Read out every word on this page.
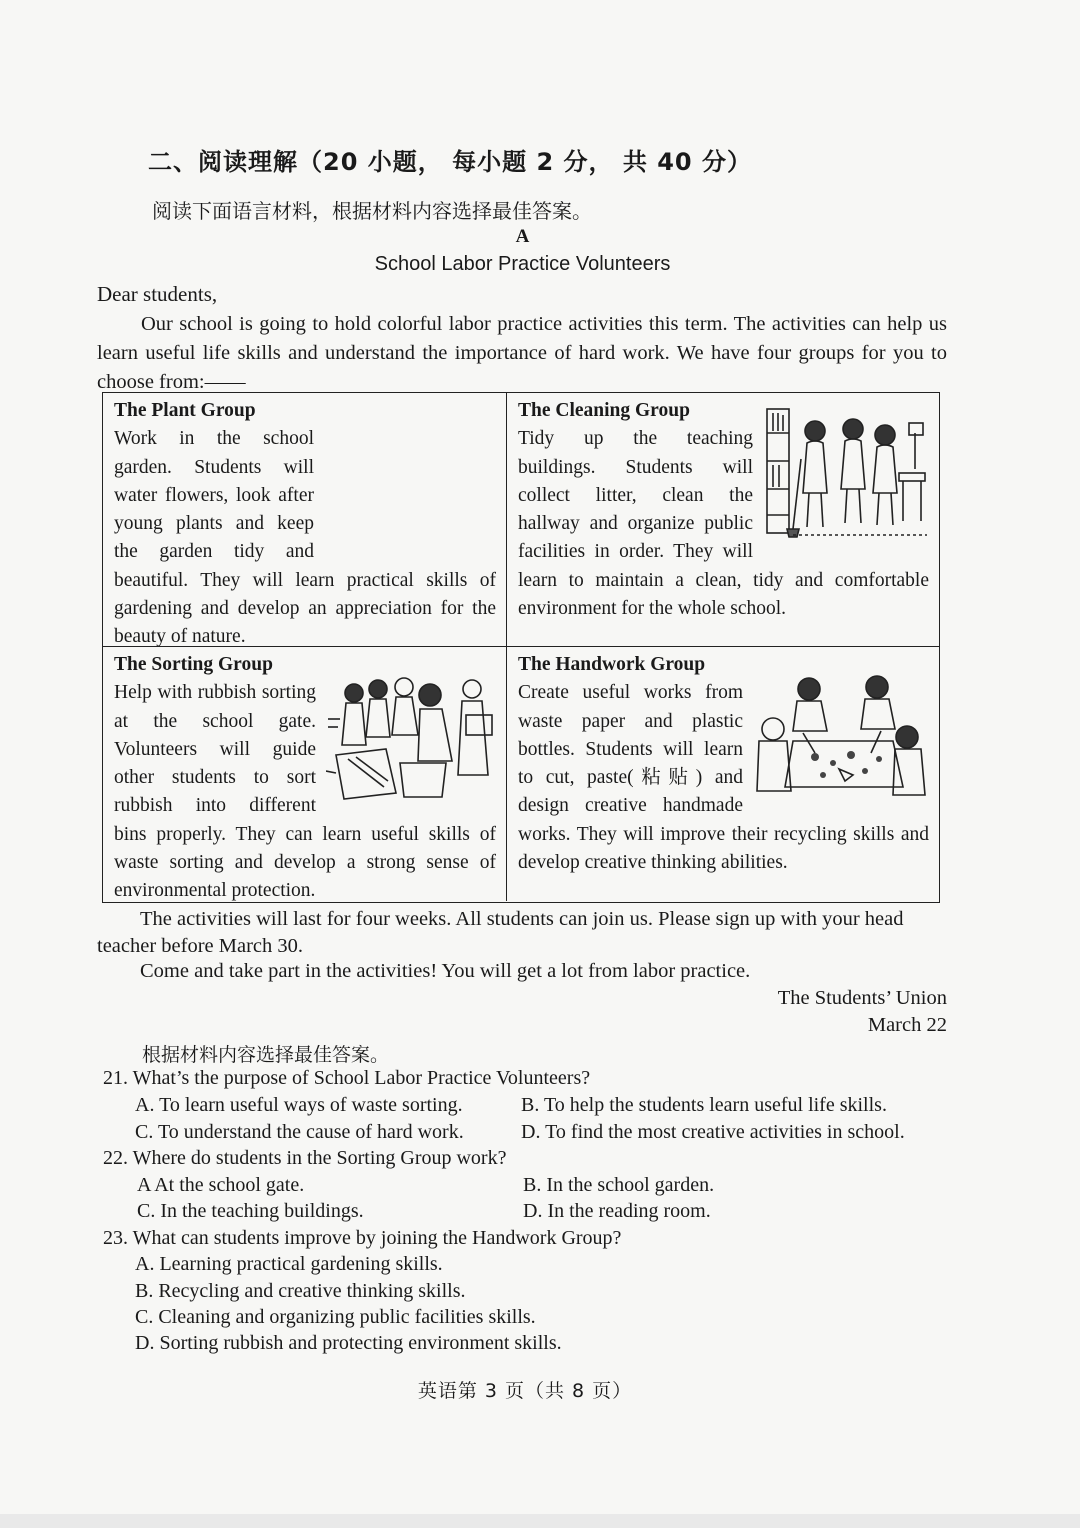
二、阅读理解（20 小题， 每小题 2 分， 共 40 分）
阅读下面语言材料，根据材料内容选择最佳答案。
A
School Labor Practice Volunteers
Dear students,
Our school is going to hold colorful labor practice activities this term. The activities can help us learn useful life skills and understand the importance of hard work. We have four groups for you to choose from:——
The Plant Group
Work in the school garden. Students will water flowers, look after young plants and keep the garden tidy and beautiful. They will learn practical skills of gardening and develop an appreciation for the beauty of nature.
The Cleaning Group
Tidy up the teaching buildings. Students will collect litter, clean the hallway and organize public facilities in order. They will learn to maintain a clean, tidy and comfortable environment for the whole school.
The Sorting Group
Help with rubbish sorting at the school gate. Volunteers will guide other students to sort rubbish into different bins properly. They can learn useful skills of waste sorting and develop a strong sense of environmental protection.
The Handwork Group
Create useful works from waste paper and plastic bottles. Students will learn to cut, paste(粘贴) and design creative handmade works. They will improve their recycling skills and develop creative thinking abilities.
The activities will last for four weeks. All students can join us. Please sign up with your head teacher before March 30.
Come and take part in the activities! You will get a lot from labor practice.
The Students’ Union
March 22
根据材料内容选择最佳答案。
21. What’s the purpose of School Labor Practice Volunteers?
A. To learn useful ways of waste sorting.	B. To help the students learn useful life skills.
C. To understand the cause of hard work.	D. To find the most creative activities in school.
22. Where do students in the Sorting Group work?
A At the school gate.	B. In the school garden.
C. In the teaching buildings.	D. In the reading room.
23. What can students improve by joining the Handwork Group?
A. Learning practical gardening skills.
B. Recycling and creative thinking skills.
C. Cleaning and organizing public facilities skills.
D. Sorting rubbish and protecting environment skills.
英语第 3 页（共 8 页）
